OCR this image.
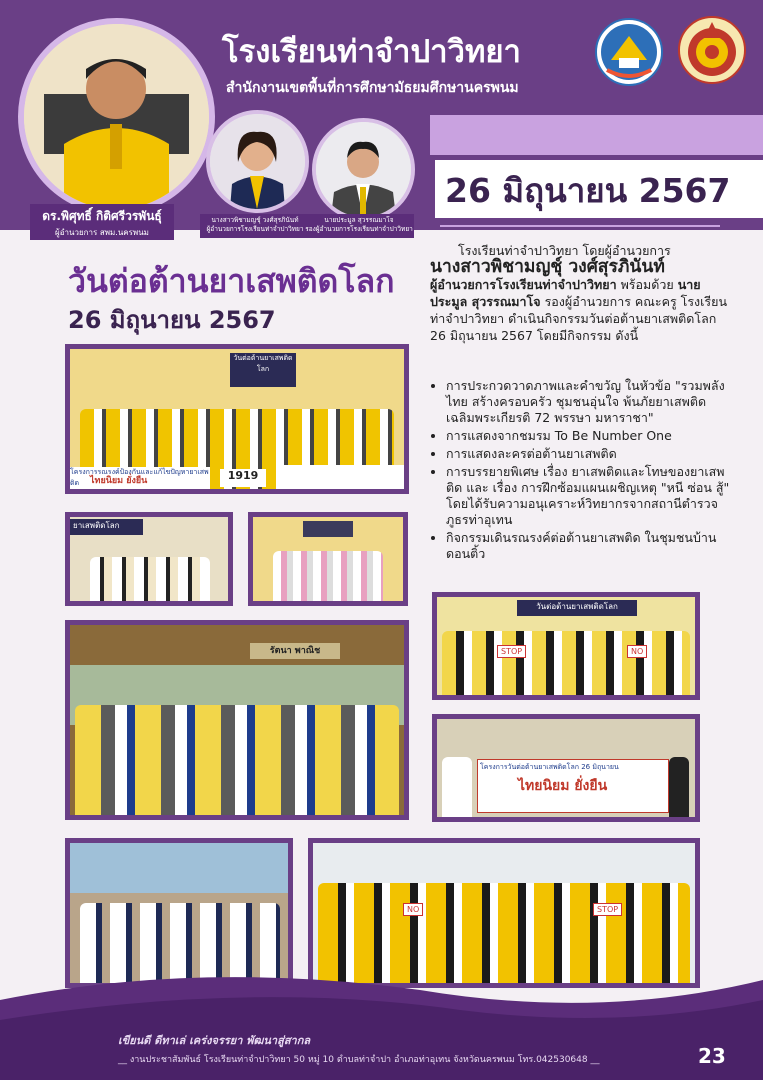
ดร.พิศุทธิ์ กิติศรีวรพันธุ์
ผู้อำนวยการ สพม.นครพนม
นางสาวพิชามญชุ์ วงศ์สุรภินันท์
ผู้อำนวยการโรงเรียนท่าจำปาวิทยา
นายประมูล สุวรรณมาโจ
รองผู้อำนวยการโรงเรียนท่าจำปาวิทยา
โรงเรียนท่าจำปาวิทยา
สำนักงานเขตพื้นที่การศึกษามัธยมศึกษานครพนม
26 มิถุนายน 2567
วันต่อต้านยาเสพติดโลก
26 มิถุนายน 2567
โรงเรียนท่าจำปาวิทยา โดยผู้อำนวยการ
นางสาวพิชามญชุ์ วงศ์สุรภินันท์
ผู้อำนวยการโรงเรียนท่าจำปาวิทยา พร้อมด้วย นายประมูล สุวรรณมาโจ รองผู้อำนวยการ คณะครู โรงเรียนท่าจำปาวิทยา ดำเนินกิจกรรมวันต่อต้านยาเสพติดโลก 26 มิถุนายน 2567 โดยมีกิจกรรม ดังนี้
• การประกวดวาดภาพและคำขวัญ ในหัวข้อ "รวมพลังไทย สร้างครอบครัว ชุมชนอุ่นใจ พ้นภัยยาเสพติด เฉลิมพระเกียรติ 72 พรรษา มหาราชา"
• การแสดงจากชมรม To Be Number One
• การแสดงละครต่อต้านยาเสพติด
• การบรรยายพิเศษ เรื่อง ยาเสพติดและโทษของยาเสพติด และ เรื่อง การฝึกซ้อมแผนเผชิญเหตุ "หนี ซ่อน สู้" โดยได้รับความอนุเคราะห์วิทยากรจากสถานีตำรวจภูธรท่าอุเทน
• กิจกรรมเดินรณรงค์ต่อต้านยาเสพติด ในชุมชนบ้านดอนติ้ว
วันต่อต้านยาเสพติดโลก
โครงการรณรงค์ป้องกันและแก้ไขปัญหายาเสพติด	ไทยนิยม ยั่งยืน	1919
ยาเสพติดโลก
รัตนา พาณิช
วันต่อต้านยาเสพติดโลก
STOP	NO
โครงการวันต่อต้านยาเสพติดโลก 26 มิถุนายน
ไทยนิยม ยั่งยืน
NO	STOP
เขียนดี ดีทาเล่ เคร่งจรรยา พัฒนาสู่สากล
__ งานประชาสัมพันธ์ โรงเรียนท่าจำปาวิทยา 50 หมู่ 10 ตำบลท่าจำปา อำเภอท่าอุเทน จังหวัดนครพนม โทร.042530648 __	23
